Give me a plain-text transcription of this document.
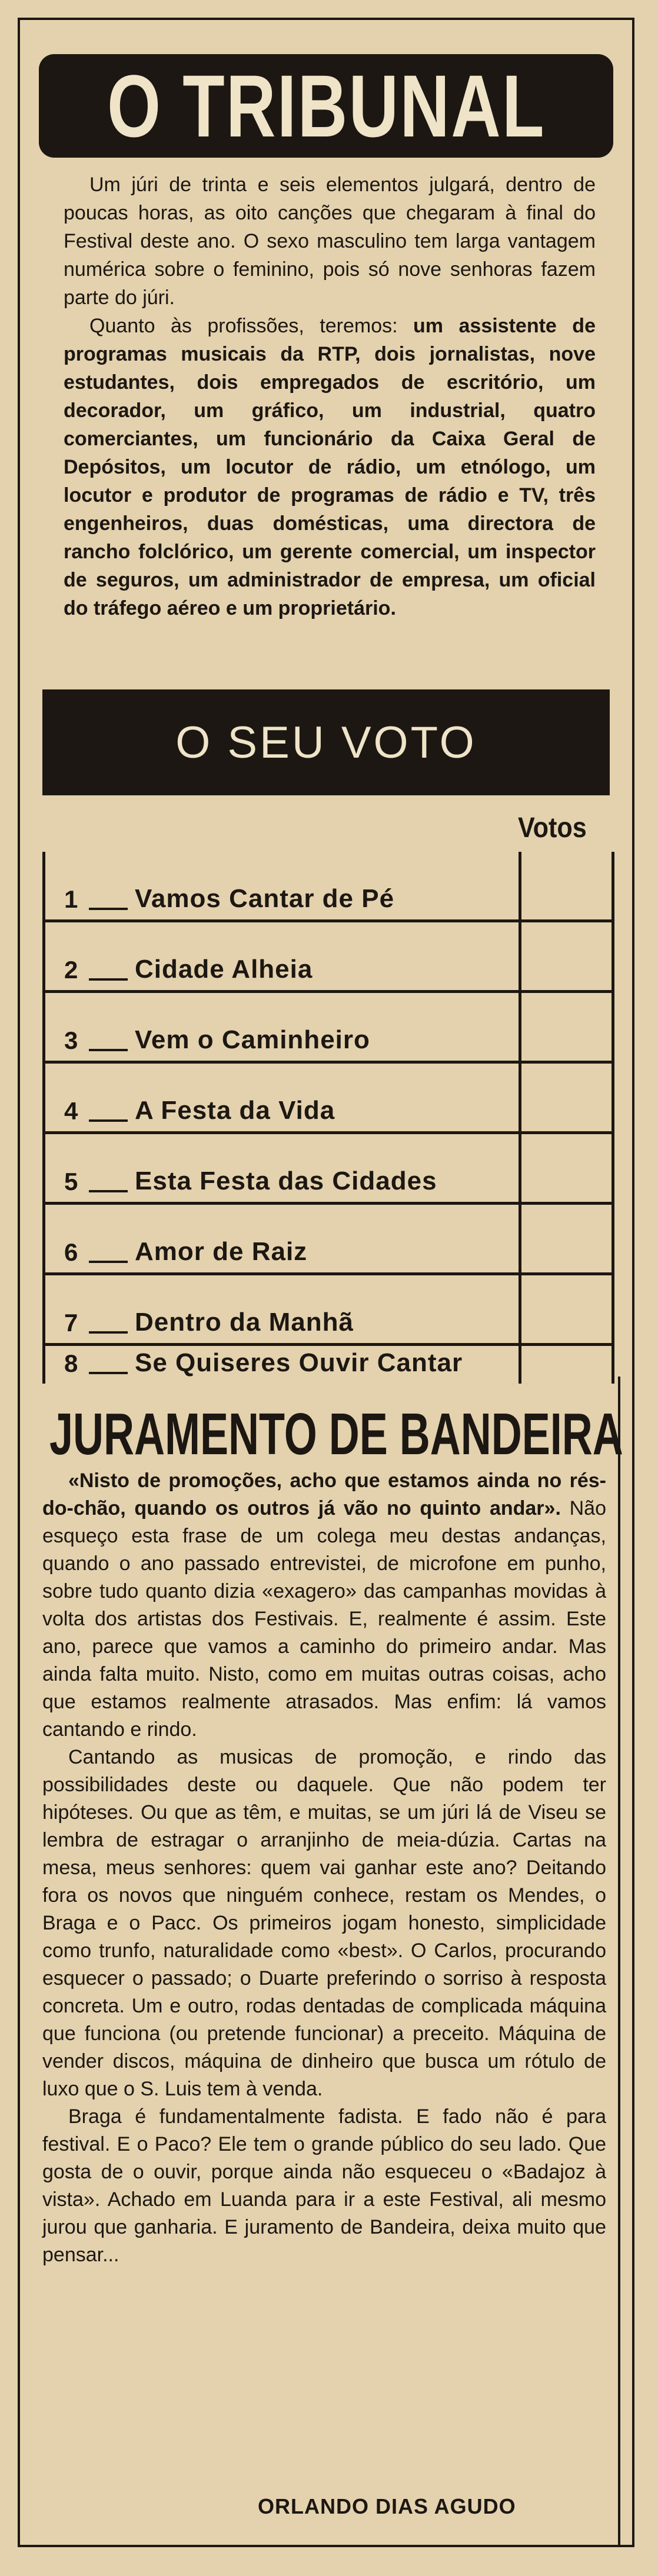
O TRIBUNAL

Um júri de trinta e seis elementos julgará, dentro de poucas horas, as oito canções que chegaram à final do Festival deste ano. O sexo masculino tem larga vantagem numérica sobre o feminino, pois só nove senhoras fazem parte do júri.

Quanto às profissões, teremos: um assistente de programas musicais da RTP, dois jornalistas, nove estudantes, dois empregados de escritório, um decorador, um gráfico, um industrial, quatro comerciantes, um funcionário da Caixa Geral de Depósitos, um locutor de rádio, um etnólogo, um locutor e produtor de programas de rádio e TV, três engenheiros, duas domésticas, uma directora de rancho folclórico, um gerente comercial, um inspector de seguros, um administrador de empresa, um oficial do tráfego aéreo e um proprietário.

O SEU VOTO
Votos
1 Vamos Cantar de Pé
2 Cidade Alheia
3 Vem o Caminheiro
4 A Festa da Vida
5 Esta Festa das Cidades
6 Amor de Raiz
7 Dentro da Manhã
8 Se Quiseres Ouvir Cantar
JURAMENTO DE BANDEIRA

«Nisto de promoções, acho que estamos ainda no rés-do-chão, quando os outros já vão no quinto andar». Não esqueço esta frase de um colega meu destas andanças, quando o ano passado entrevistei, de microfone em punho, sobre tudo quanto dizia «exagero» das campanhas movidas à volta dos artistas dos Festivais. E, realmente é assim. Este ano, parece que vamos a caminho do primeiro andar. Mas ainda falta muito. Nisto, como em muitas outras coisas, acho que estamos realmente atrasados. Mas enfim: lá vamos cantando e rindo.

Cantando as musicas de promoção, e rindo das possibilidades deste ou daquele. Que não podem ter hipóteses. Ou que as têm, e muitas, se um júri lá de Viseu se lembra de estragar o arranjinho de meia-dúzia. Cartas na mesa, meus senhores: quem vai ganhar este ano? Deitando fora os novos que ninguém conhece, restam os Mendes, o Braga e o Pacc. Os primeiros jogam honesto, simplicidade como trunfo, naturalidade como «best». O Carlos, procurando esquecer o passado; o Duarte preferindo o sorriso à resposta concreta. Um e outro, rodas dentadas de complicada máquina que funciona (ou pretende funcionar) a preceito. Máquina de vender discos, máquina de dinheiro que busca um rótulo de luxo que o S. Luis tem à venda.

Braga é fundamentalmente fadista. E fado não é para festival. E o Paco? Ele tem o grande público do seu lado. Que gosta de o ouvir, porque ainda não esqueceu o «Badajoz à vista». Achado em Luanda para ir a este Festival, ali mesmo jurou que ganharia. E juramento de Bandeira, deixa muito que pensar...

ORLANDO DIAS AGUDO
